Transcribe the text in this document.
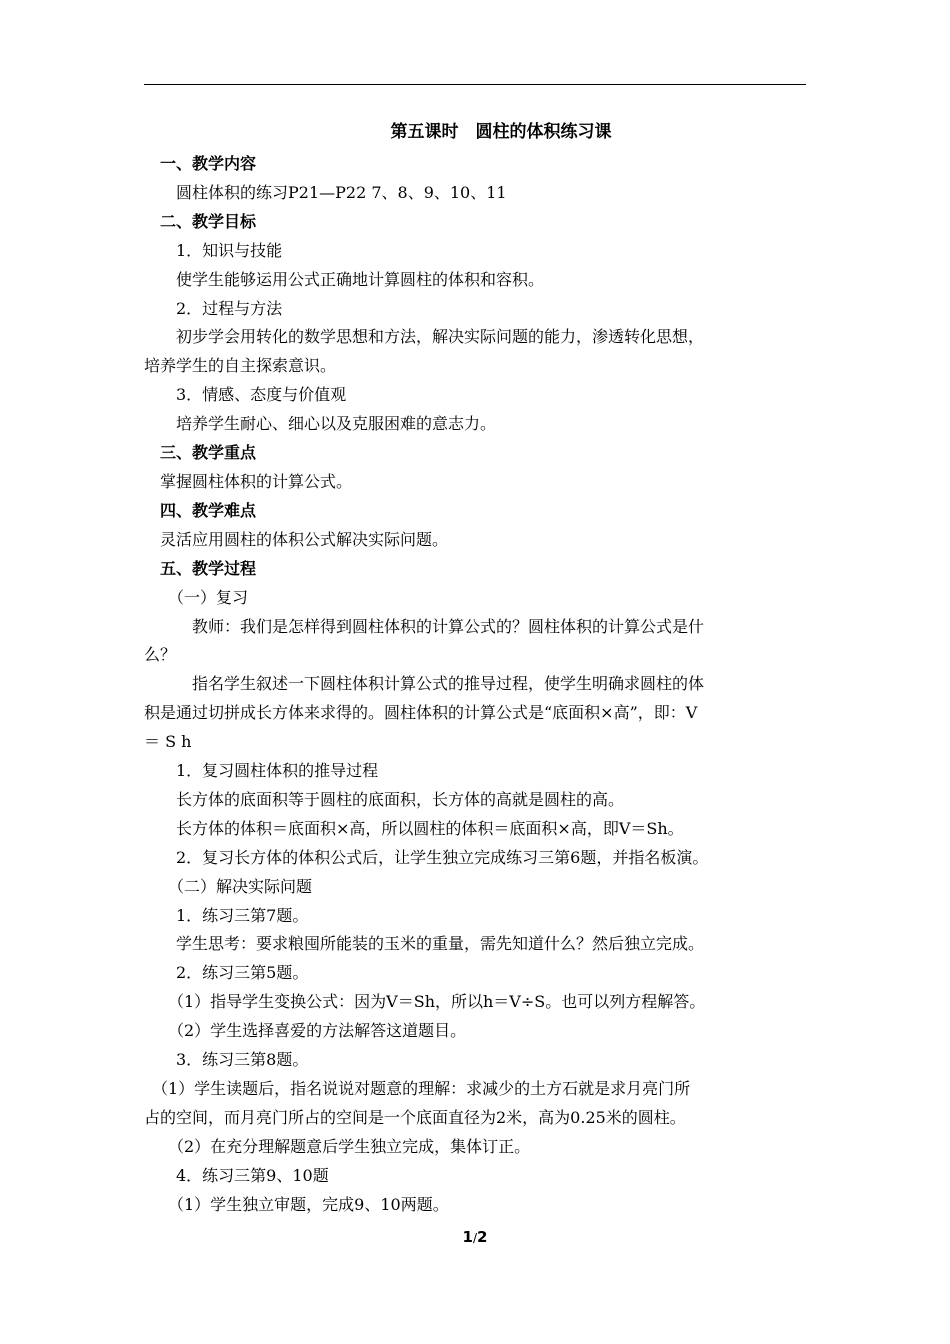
第五课时　圆柱的体积练习课
　一、教学内容
　　圆柱体积的练习P21—P22 7、8、9、10、11
　二、教学目标
　　1．知识与技能
　　使学生能够运用公式正确地计算圆柱的体积和容积。
　　2．过程与方法
　　初步学会用转化的数学思想和方法，解决实际问题的能力，渗透转化思想，
培养学生的自主探索意识。
　　3．情感、态度与价值观
　　培养学生耐心、细心以及克服困难的意志力。
　三、教学重点
　掌握圆柱体积的计算公式。
　四、教学难点
　灵活应用圆柱的体积公式解决实际问题。
　五、教学过程
　　（一）复习
　　　教师：我们是怎样得到圆柱体积的计算公式的？圆柱体积的计算公式是什
么？
　　　指名学生叙述一下圆柱体积计算公式的推导过程，使学生明确求圆柱的体
积是通过切拼成长方体来求得的。圆柱体积的计算公式是“底面积×高”，即：V
＝ S h
　　1．复习圆柱体积的推导过程
　　长方体的底面积等于圆柱的底面积，长方体的高就是圆柱的高。
　　长方体的体积＝底面积×高，所以圆柱的体积＝底面积×高，即V＝Sh。
　　2．复习长方体的体积公式后，让学生独立完成练习三第6题，并指名板演。
　　（二）解决实际问题
　　1．练习三第7题。
　　学生思考：要求粮囤所能装的玉米的重量，需先知道什么？然后独立完成。
　　2．练习三第5题。
　　（1）指导学生变换公式：因为V＝Sh，所以h＝V÷S。也可以列方程解答。
　　（2）学生选择喜爱的方法解答这道题目。
　　3．练习三第8题。
　（1）学生读题后，指名说说对题意的理解：求减少的土方石就是求月亮门所
占的空间，而月亮门所占的空间是一个底面直径为2米，高为0.25米的圆柱。
　　（2）在充分理解题意后学生独立完成，集体订正。
　　4．练习三第9、10题
　　（1）学生独立审题，完成9、10两题。
1/2
